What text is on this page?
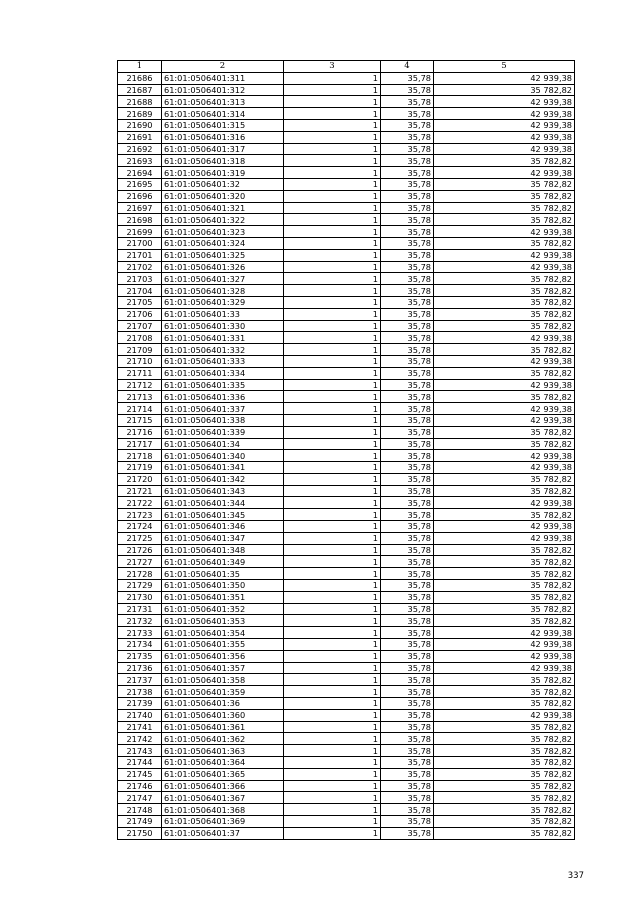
1	2	3	4	5
21686	61:01:0506401:311	1	35,78	42 939,38
21687	61:01:0506401:312	1	35,78	35 782,82
21688	61:01:0506401:313	1	35,78	42 939,38
21689	61:01:0506401:314	1	35,78	42 939,38
21690	61:01:0506401:315	1	35,78	42 939,38
21691	61:01:0506401:316	1	35,78	42 939,38
21692	61:01:0506401:317	1	35,78	42 939,38
21693	61:01:0506401:318	1	35,78	35 782,82
21694	61:01:0506401:319	1	35,78	42 939,38
21695	61:01:0506401:32	1	35,78	35 782,82
21696	61:01:0506401:320	1	35,78	35 782,82
21697	61:01:0506401:321	1	35,78	35 782,82
21698	61:01:0506401:322	1	35,78	35 782,82
21699	61:01:0506401:323	1	35,78	42 939,38
21700	61:01:0506401:324	1	35,78	35 782,82
21701	61:01:0506401:325	1	35,78	42 939,38
21702	61:01:0506401:326	1	35,78	42 939,38
21703	61:01:0506401:327	1	35,78	35 782,82
21704	61:01:0506401:328	1	35,78	35 782,82
21705	61:01:0506401:329	1	35,78	35 782,82
21706	61:01:0506401:33	1	35,78	35 782,82
21707	61:01:0506401:330	1	35,78	35 782,82
21708	61:01:0506401:331	1	35,78	42 939,38
21709	61:01:0506401:332	1	35,78	35 782,82
21710	61:01:0506401:333	1	35,78	42 939,38
21711	61:01:0506401:334	1	35,78	35 782,82
21712	61:01:0506401:335	1	35,78	42 939,38
21713	61:01:0506401:336	1	35,78	35 782,82
21714	61:01:0506401:337	1	35,78	42 939,38
21715	61:01:0506401:338	1	35,78	42 939,38
21716	61:01:0506401:339	1	35,78	35 782,82
21717	61:01:0506401:34	1	35,78	35 782,82
21718	61:01:0506401:340	1	35,78	42 939,38
21719	61:01:0506401:341	1	35,78	42 939,38
21720	61:01:0506401:342	1	35,78	35 782,82
21721	61:01:0506401:343	1	35,78	35 782,82
21722	61:01:0506401:344	1	35,78	42 939,38
21723	61:01:0506401:345	1	35,78	35 782,82
21724	61:01:0506401:346	1	35,78	42 939,38
21725	61:01:0506401:347	1	35,78	42 939,38
21726	61:01:0506401:348	1	35,78	35 782,82
21727	61:01:0506401:349	1	35,78	35 782,82
21728	61:01:0506401:35	1	35,78	35 782,82
21729	61:01:0506401:350	1	35,78	35 782,82
21730	61:01:0506401:351	1	35,78	35 782,82
21731	61:01:0506401:352	1	35,78	35 782,82
21732	61:01:0506401:353	1	35,78	35 782,82
21733	61:01:0506401:354	1	35,78	42 939,38
21734	61:01:0506401:355	1	35,78	42 939,38
21735	61:01:0506401:356	1	35,78	42 939,38
21736	61:01:0506401:357	1	35,78	42 939,38
21737	61:01:0506401:358	1	35,78	35 782,82
21738	61:01:0506401:359	1	35,78	35 782,82
21739	61:01:0506401:36	1	35,78	35 782,82
21740	61:01:0506401:360	1	35,78	42 939,38
21741	61:01:0506401:361	1	35,78	35 782,82
21742	61:01:0506401:362	1	35,78	35 782,82
21743	61:01:0506401:363	1	35,78	35 782,82
21744	61:01:0506401:364	1	35,78	35 782,82
21745	61:01:0506401:365	1	35,78	35 782,82
21746	61:01:0506401:366	1	35,78	35 782,82
21747	61:01:0506401:367	1	35,78	35 782,82
21748	61:01:0506401:368	1	35,78	35 782,82
21749	61:01:0506401:369	1	35,78	35 782,82
21750	61:01:0506401:37	1	35,78	35 782,82
337
